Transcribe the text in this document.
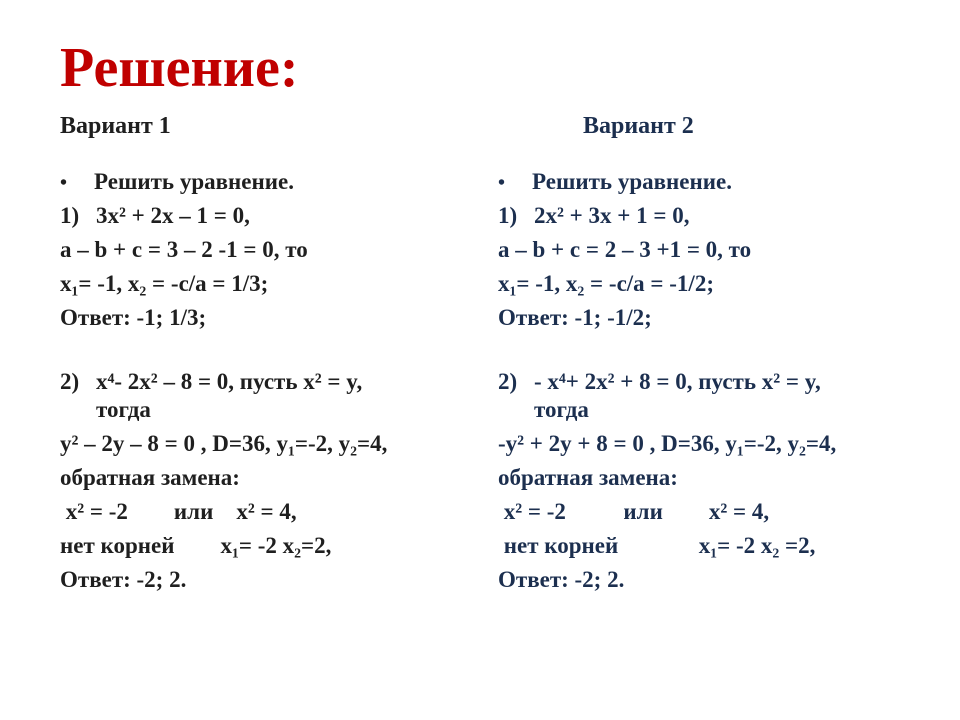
Решение:
Вариант 1	Вариант 2
• Решить уравнение.
1) 3x² + 2x – 1 = 0,
a – b + c = 3 – 2 -1 = 0, то
x₁= -1, x₂ = -c/a = 1/3;
Ответ: -1; 1/3;
2) x⁴- 2x² – 8 = 0, пусть x² = y,
тогда
y² – 2y – 8 = 0 , D=36, y₁=-2, y₂=4,
обратная замена:
x² = -2        или    x² = 4,
нет корней        x₁= -2 x₂=2,
Ответ: -2; 2.
• Решить уравнение.
1) 2x² + 3x + 1 = 0,
a – b + c = 2 – 3 +1 = 0, то
x₁= -1, x₂ = -c/a = -1/2;
Ответ: -1; -1/2;
2) - x⁴+ 2x² + 8 = 0, пусть x² = y,
тогда
-y² + 2y + 8 = 0 , D=36, y₁=-2, y₂=4,
обратная замена:
x² = -2          или        x² = 4,
нет корней              x₁= -2 x₂ =2,
Ответ: -2; 2.
